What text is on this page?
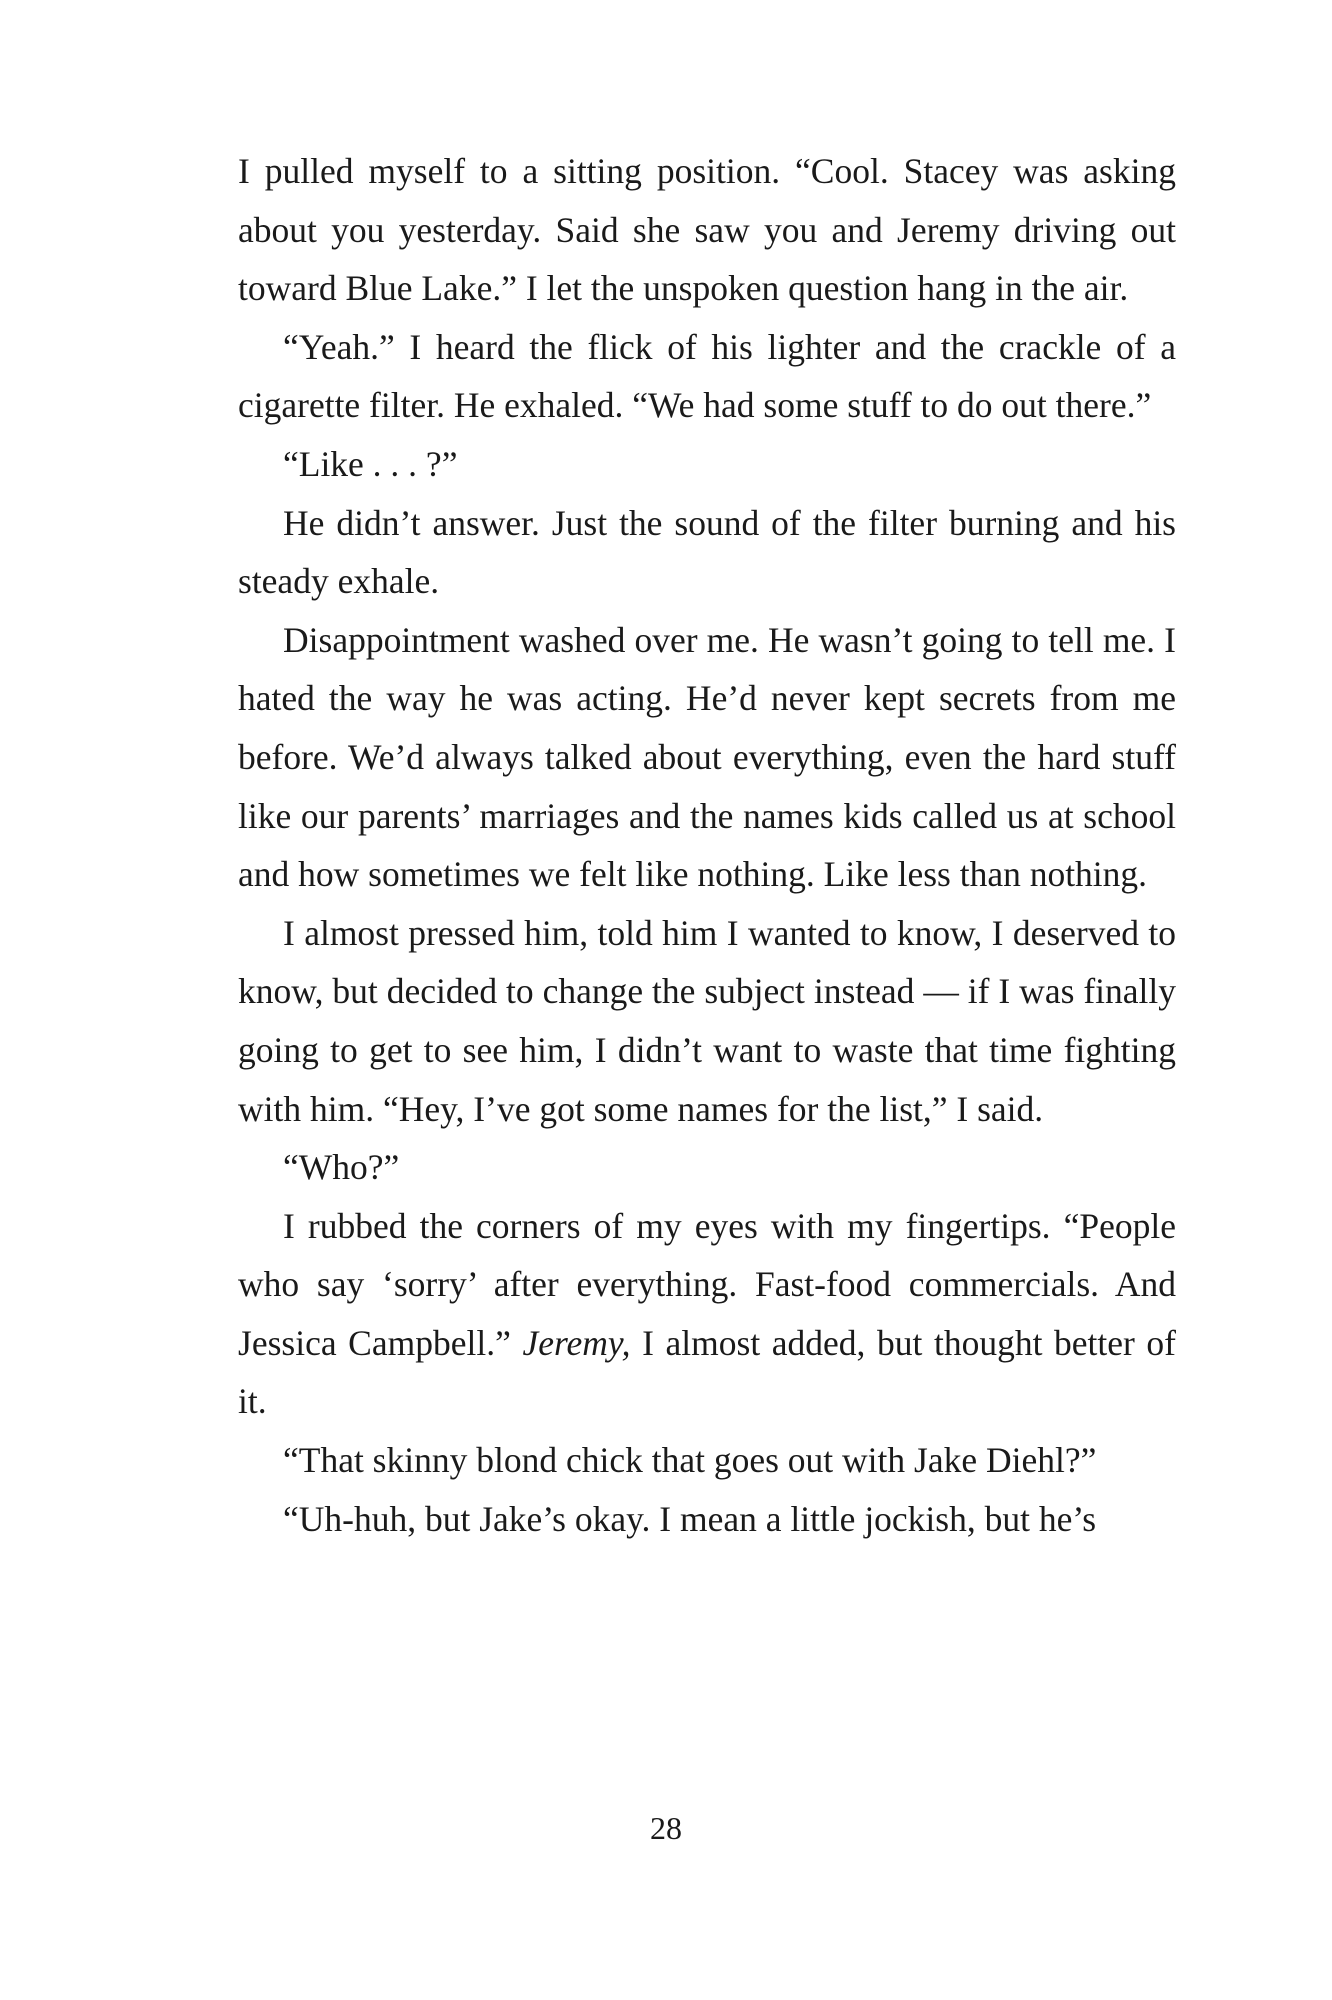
I pulled myself to a sitting position. “Cool. Stacey was asking about you yesterday. Said she saw you and Jeremy driving out toward Blue Lake.” I let the unspoken question hang in the air.

“Yeah.” I heard the flick of his lighter and the crackle of a cigarette filter. He exhaled. “We had some stuff to do out there.”

“Like . . . ?”

He didn’t answer. Just the sound of the filter burning and his steady exhale.

Disappointment washed over me. He wasn’t going to tell me. I hated the way he was acting. He’d never kept secrets from me before. We’d always talked about everything, even the hard stuff like our parents’ marriages and the names kids called us at school and how sometimes we felt like nothing. Like less than nothing.

I almost pressed him, told him I wanted to know, I deserved to know, but decided to change the subject instead — if I was finally going to get to see him, I didn’t want to waste that time fighting with him. “Hey, I’ve got some names for the list,” I said.

“Who?”

I rubbed the corners of my eyes with my fingertips. “People who say ‘sorry’ after everything. Fast-food commercials. And Jessica Campbell.” Jeremy, I almost added, but thought better of it.

“That skinny blond chick that goes out with Jake Diehl?”

“Uh-huh, but Jake’s okay. I mean a little jockish, but he’s

28
